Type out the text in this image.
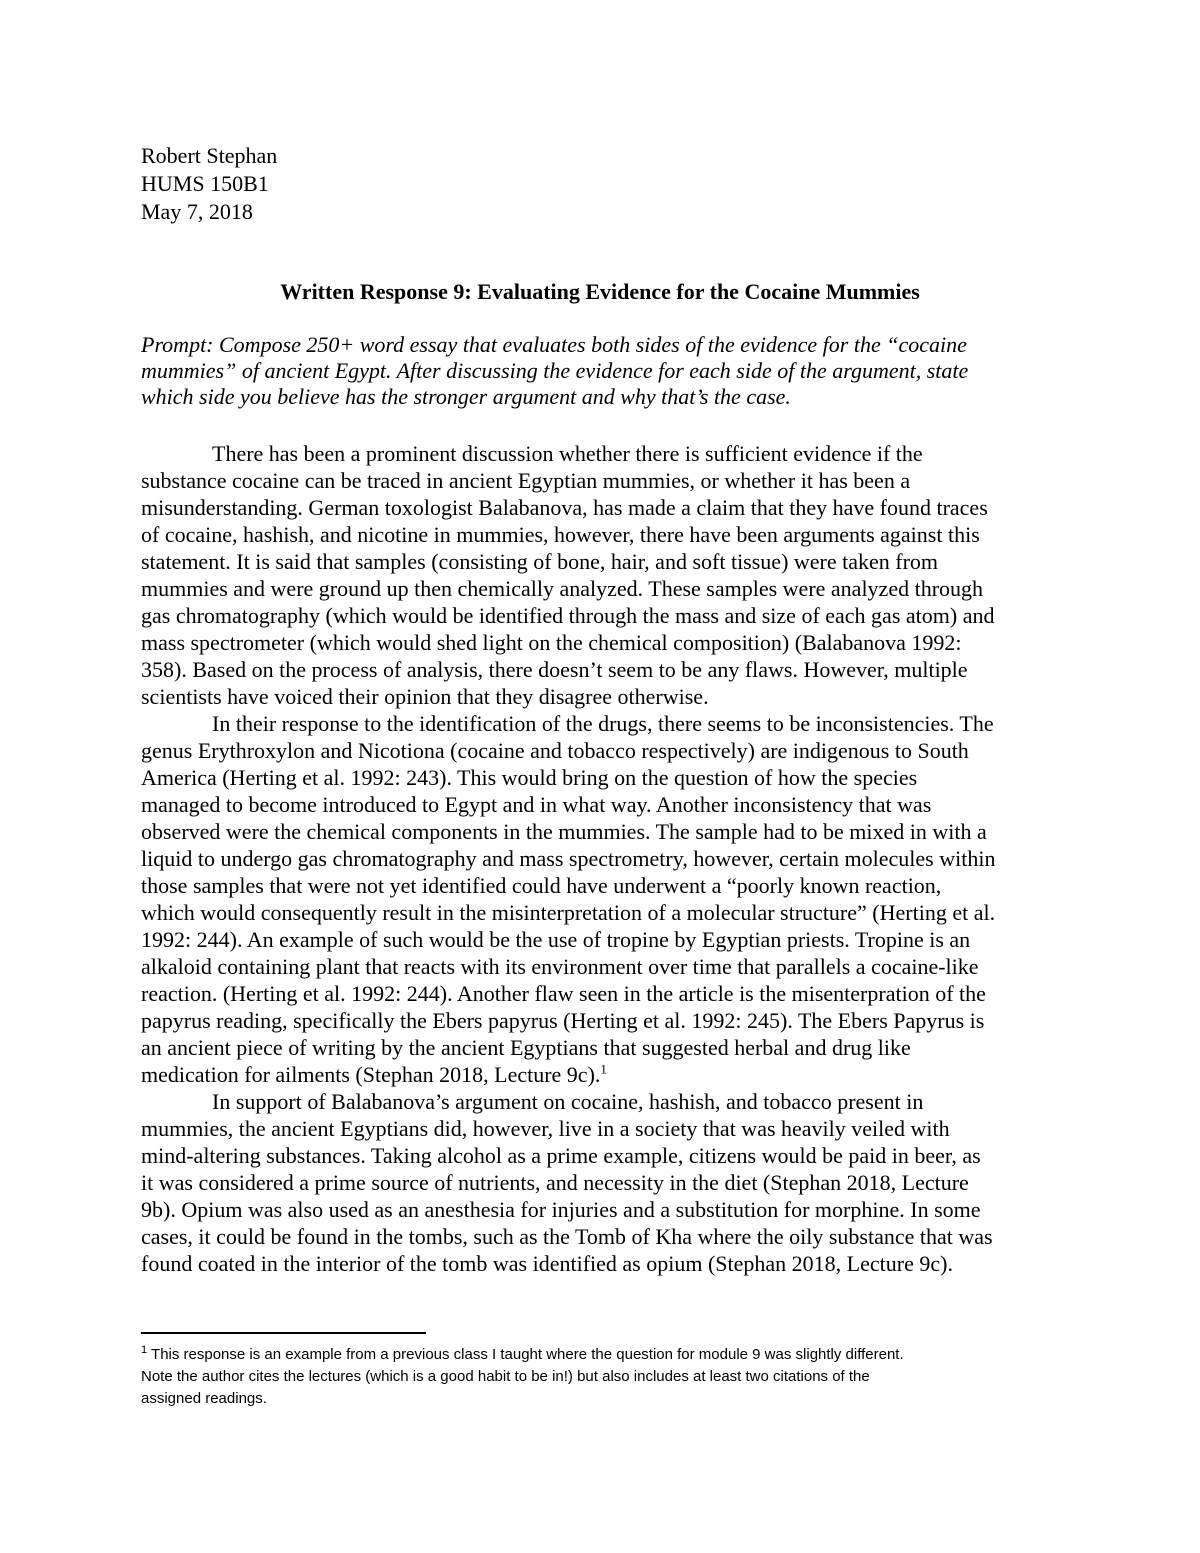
Robert Stephan
HUMS 150B1
May 7, 2018
Written Response 9: Evaluating Evidence for the Cocaine Mummies
Prompt: Compose 250+ word essay that evaluates both sides of the evidence for the “cocaine
mummies” of ancient Egypt. After discussing the evidence for each side of the argument, state
which side you believe has the stronger argument and why that’s the case.
There has been a prominent discussion whether there is sufficient evidence if the
substance cocaine can be traced in ancient Egyptian mummies, or whether it has been a
misunderstanding. German toxologist Balabanova, has made a claim that they have found traces
of cocaine, hashish, and nicotine in mummies, however, there have been arguments against this
statement. It is said that samples (consisting of bone, hair, and soft tissue) were taken from
mummies and were ground up then chemically analyzed. These samples were analyzed through
gas chromatography (which would be identified through the mass and size of each gas atom) and
mass spectrometer (which would shed light on the chemical composition) (Balabanova 1992:
358). Based on the process of analysis, there doesn’t seem to be any flaws. However, multiple
scientists have voiced their opinion that they disagree otherwise.
In their response to the identification of the drugs, there seems to be inconsistencies. The
genus Erythroxylon and Nicotiona (cocaine and tobacco respectively) are indigenous to South
America (Herting et al. 1992: 243). This would bring on the question of how the species
managed to become introduced to Egypt and in what way. Another inconsistency that was
observed were the chemical components in the mummies. The sample had to be mixed in with a
liquid to undergo gas chromatography and mass spectrometry, however, certain molecules within
those samples that were not yet identified could have underwent a “poorly known reaction,
which would consequently result in the misinterpretation of a molecular structure” (Herting et al.
1992: 244). An example of such would be the use of tropine by Egyptian priests. Tropine is an
alkaloid containing plant that reacts with its environment over time that parallels a cocaine-like
reaction. (Herting et al. 1992: 244). Another flaw seen in the article is the misenterpration of the
papyrus reading, specifically the Ebers papyrus (Herting et al. 1992: 245). The Ebers Papyrus is
an ancient piece of writing by the ancient Egyptians that suggested herbal and drug like
medication for ailments (Stephan 2018, Lecture 9c).$^1$
In support of Balabanova’s argument on cocaine, hashish, and tobacco present in
mummies, the ancient Egyptians did, however, live in a society that was heavily veiled with
mind-altering substances. Taking alcohol as a prime example, citizens would be paid in beer, as
it was considered a prime source of nutrients, and necessity in the diet (Stephan 2018, Lecture
9b). Opium was also used as an anesthesia for injuries and a substitution for morphine. In some
cases, it could be found in the tombs, such as the Tomb of Kha where the oily substance that was
found coated in the interior of the tomb was identified as opium (Stephan 2018, Lecture 9c).
$^1$ This response is an example from a previous class I taught where the question for module 9 was slightly different.
Note the author cites the lectures (which is a good habit to be in!) but also includes at least two citations of the
assigned readings.
